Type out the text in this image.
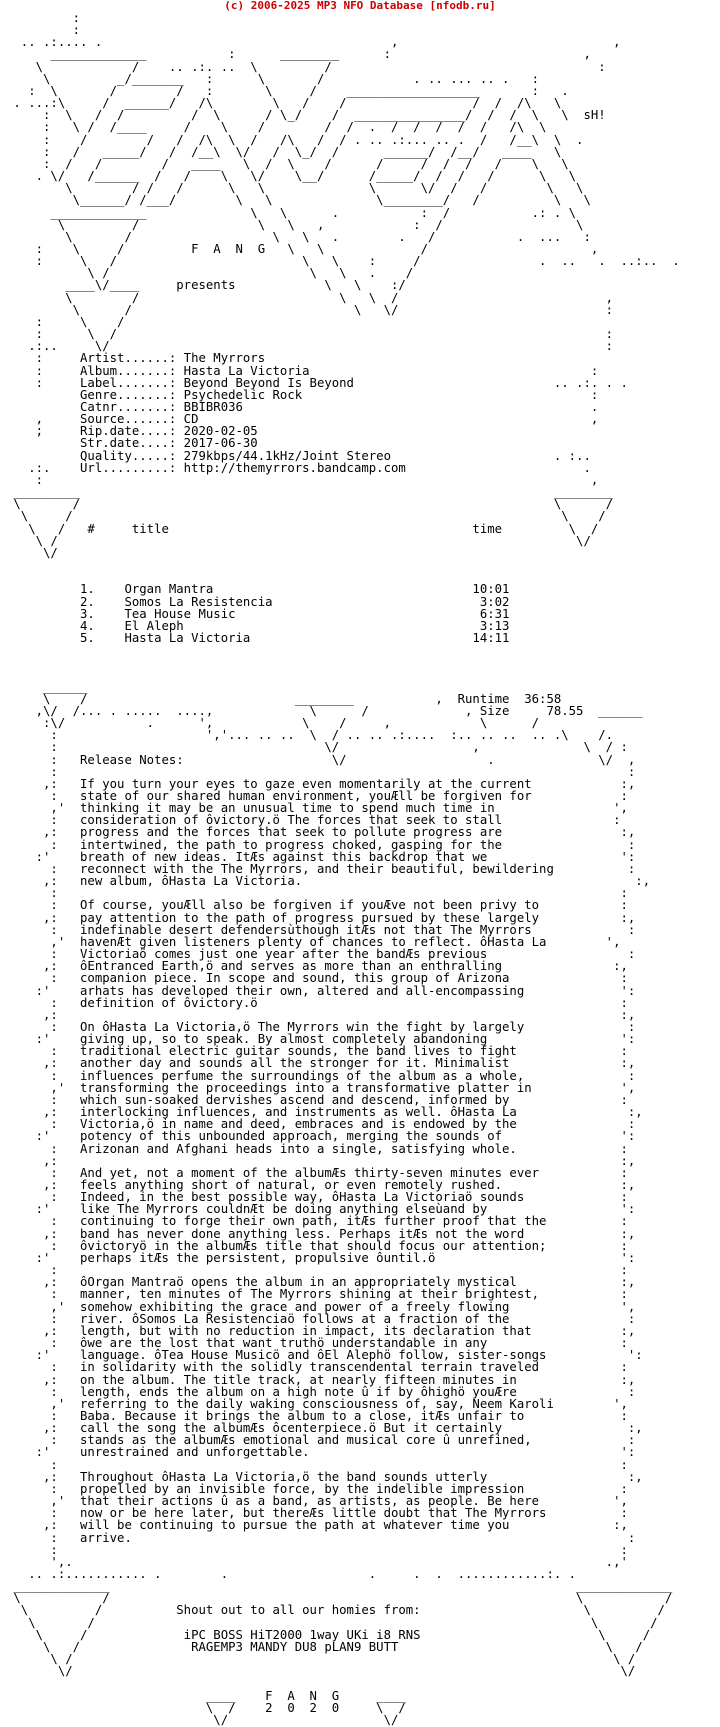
(c) 2006-2025 MP3 NFO Database [nfodb.ru]
:
:
.. .:.... .                                       ,                             ,
_____________           :      ________      :                          ,
\            /    .. .:. ..  \         /                                    :
\         _/_______   :      \       /            . .. ... .. .   :
:  \       /        /   :       \     /    __________________       :   .
. ...:\     /  ______/   /\        \   /    /                 /  /  /\   \
:  \   /  /         /  \      / \_/    /  _______________/  /  /  \   \  sH!
:   \ /  /____     /    \    /        /  /  .  /  /  /  /  /   /\  \
:    /        /   /  /\  \  /   /\   /  / . .. .:... .. .  /   /__\  \  .
:   /   _____/   /  /__\  \/   /  \_/  /      ______/  /__/   ____   \
:  /   /        /   ____   \  /  \    /      /     /  /  /   /    \   \
. \/   /______  /   /    \   \/    \__/      /_____/  /  /   /      \   \
\        / /   /      \   \              \      \/  /   /        \   \
\______/ /___/        \   \              \________/   /          \   \
_____________              \   \      .           :  /           .: . \
\         /                \   \   ,            :  /                  \
\       /                   \   \   .        .   /           .  ...   :
:    \     /         F  A  N  G   \   \             /                      ,
:     \   /                         \   \    :     /                .  ..   .  ..:..  .
\ /                           \   \   .    /
____\/____     presents            \   \    :/
\        /                           \   \  /                            ,
\      /                              \   \/                            :
:     \    /
:      \  /                                                                  :
.:..     \/                                                                   :
:     Artist......: The Myrrors
:     Album.......: Hasta La Victoria                                      :
:     Label.......: Beyond Beyond Is Beyond                           .. .:. . .
Genre.......: Psychedelic Rock                                       :
Catnr.......: BBIBR036                                               .
,     Source......: CD                                                     ,
;     Rip.date....: 2020-02-05
Str.date....: 2017-06-30
Quality.....: 279kbps/44.1kHz/Joint Stereo                      . :..
.:.    Url.........: http://themyrrors.bandcamp.com                        .
:                                                                          ,
_________                                                                ________
\       /                                                                \      /
\     /                                                                  \    /
\   /   #     title                                         time         \  /
\ /                                                                      \/
\/

1.    Organ Mantra                                   10:01
2.    Somos La Resistencia                            3:02
3.    Tea House Music                                 6:31
4.    El Aleph                                        3:13
5.    Hasta La Victoria                              14:11

______
\    /                            ________           ,  Runtime  36:58
,\/  /... . .....  ....,             \      /             , Size     78.55  ______
:\/           .      ',            \    /     ,            \      /
:                    ','... .. ..  \  / .. .. .:....  :.. .. ..  .. .\    /.
:                                    \/                  ,              \  / :
:   Release Notes:                    \/                   .              \/  ,
:                                                                             :
,:   If you turn your eyes to gaze even momentarily at the current            :,
:   state of our shared human environment, youÆll be forgiven for            :
,'  thinking it may be an unusual time to spend much time in                ',
:   consideration of ôvictory.ö The forces that seek to stall               :
,:   progress and the forces that seek to pollute progress are                :,
:   intertwined, the path to progress choked, gasping for the                 :
:'    breath of new ideas. ItÆs against this backdrop that we                  ':
:   reconnect with the The Myrrors, and their beautiful, bewildering          :
,:   new album, ôHasta La Victoria.                                             :,
:                                                                            :
:   Of course, youÆll also be forgiven if youÆve not been privy to           :
,:   pay attention to the path of progress pursued by these largely           :,
:   indefinable desert defendersùthough itÆs not that The Myrrors             :
,'  havenÆt given listeners plenty of chances to reflect. ôHasta La        ',
:   Victoriaö comes just one year after the bandÆs previous                   :
,:   ôEntranced Earth,ö and serves as more than an enthralling               :,
:   companion piece. In scope and sound, this group of Arizona               :
:'    arhats has developed their own, altered and all-encompassing             ':
:   definition of ôvictory.ö                                                 :
,:                                                                            :,
:   On ôHasta La Victoria,ö The Myrrors win the fight by largely              :
:'    giving up, so to speak. By almost completely abandoning                  ':
:   traditional electric guitar sounds, the band lives to fight              :
,:   another day and sounds all the stronger for it. Minimalist               :,
:   influences perfume the surroundings of the album as a whole,              :
,'  transforming the proceedings into a transformative platter in            ',
:   which sun-soaked dervishes ascend and descend, informed by               :
,:   interlocking influences, and instruments as well. ôHasta La               :,
:   Victoria,ö in name and deed, embraces and is endowed by the               :
:'    potency of this unbounded approach, merging the sounds of                ':
:   Arizonan and Afghani heads into a single, satisfying whole.              :
,:                                                                            :,
:   And yet, not a moment of the albumÆs thirty-seven minutes ever           :
,:   feels anything short of natural, or even remotely rushed.                :,
:   Indeed, in the best possible way, ôHasta La Victoriaö sounds             :
:'    like The Myrrors couldnÆt be doing anything elseùand by                  ':
:   continuing to forge their own path, itÆs further proof that the          :
,:   band has never done anything less. Perhaps itÆs not the word             :,
:   ôvictoryö in the albumÆs title that should focus our attention;          :
:'    perhaps itÆs the persistent, propulsive ôuntil.ö                         ':
:                                                                            :
,:   ôOrgan Mantraö opens the album in an appropriately mystical              :,
:   manner, ten minutes of The Myrrors shining at their brightest,           :
,'  somehow exhibiting the grace and power of a freely flowing               ',
:   river. ôSomos La Resistenciaö follows at a fraction of the                :
,:   length, but with no reduction in impact, its declaration that            :,
:   ôwe are the lost that want truthö understandable in any                  :
:'    language. ôTea House Musicö and ôEl Alephö follow, sister-songs           ':
:   in solidarity with the solidly transcendental terrain traveled           :
,:   on the album. The title track, at nearly fifteen minutes in              :,
:   length, ends the album on a high note û if by ôhighö youÆre               :
,'  referring to the daily waking consciousness of, say, Neem Karoli        ',
:   Baba. Because it brings the album to a close, itÆs unfair to             :
,:   call the song the albumÆs ôcenterpiece.ö But it certainly                 :,
:   stands as the albumÆs emotional and musical core û unrefined,             :
:'    unrestrained and unforgettable.                                          ':
:                                                                            :
,:   Throughout ôHasta La Victoria,ö the band sounds utterly                   :,
:   propelled by an invisible force, by the indelible impression             :
,'  that their actions û as a band, as artists, as people. Be here          ',
:   now or be here later, but thereÆs little doubt that The Myrrors          :
,:   will be continuing to pursue the path at whatever time you              :,
:   arrive.                                                                   :
:                                                                            :
',.                                                                        .,'
.. .:........... .        .                   .     .  .  ............:. .
_____________                                                               _____________
\           /                                                               \           /
\         /          Shout out to all our homies from:                      \         /
\       /                                                                   \       /
\     /             iPC BOSS HiT2000 1way UKi i8 RNS                        \     /
\   /               RAGEMP3 MANDY DU8 pLAN9 BUTT                            \   /
\ /                                                                         \ /
\/                                                                          \/

____    F  A  N  G     ____
\  /    2  0  2  0     \  /
\/                     \/
